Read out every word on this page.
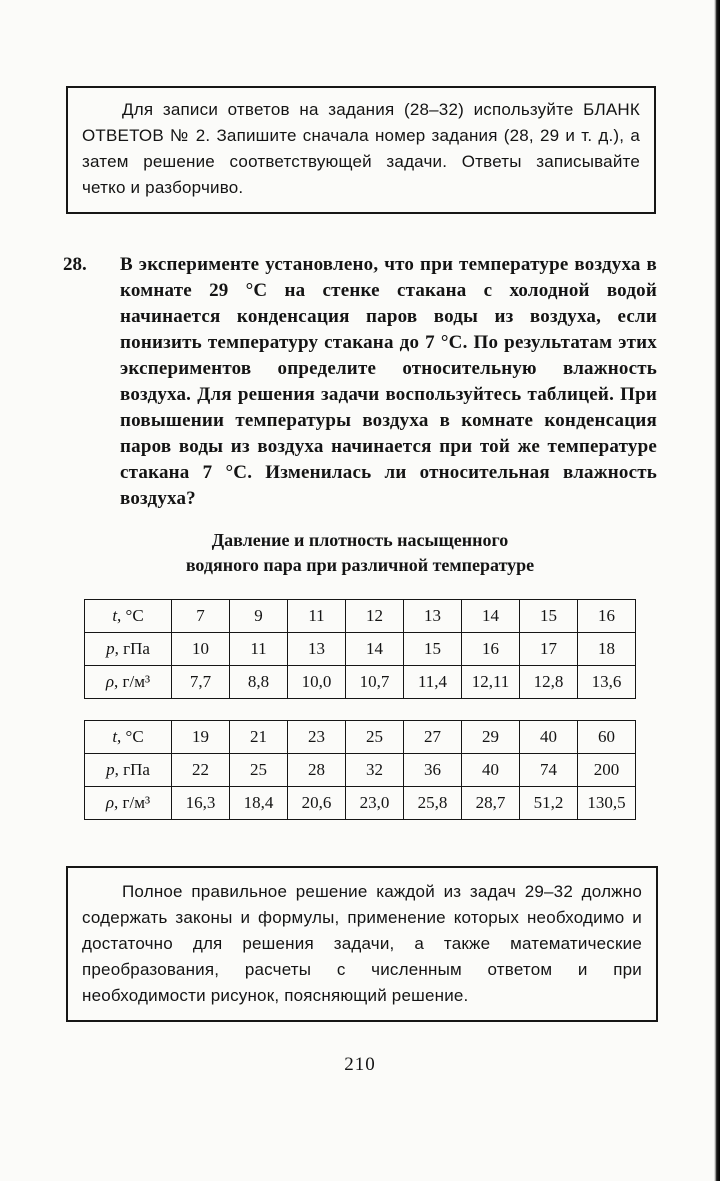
Для записи ответов на задания (28–32) используйте БЛАНК ОТВЕТОВ № 2. Запишите сначала номер задания (28, 29 и т. д.), а затем решение соответствующей задачи. Ответы записывайте четко и разборчиво.

28.	В эксперименте установлено, что при температуре воздуха в комнате 29 °С на стенке стакана с холодной водой начинается конденсация паров воды из воздуха, если понизить температуру стакана до 7 °С. По результатам этих экспериментов определите относительную влажность воздуха. Для решения задачи воспользуйтесь таблицей. При повышении температуры воздуха в комнате конденсация паров воды из воздуха начинается при той же температуре стакана 7 °С. Изменилась ли относительная влажность воздуха?

Давление и плотность насыщенного
водяного пара при различной температуре
t, °С	7	9	11	12	13	14	15	16
p, гПа	10	11	13	14	15	16	17	18
ρ, г/м³	7,7	8,8	10,0	10,7	11,4	12,11	12,8	13,6
t, °С	19	21	23	25	27	29	40	60
p, гПа	22	25	28	32	36	40	74	200
ρ, г/м³	16,3	18,4	20,6	23,0	25,8	28,7	51,2	130,5

Полное правильное решение каждой из задач 29–32 должно содержать законы и формулы, применение которых необходимо и достаточно для решения задачи, а также математические преобразования, расчеты с численным ответом и при необходимости рисунок, поясняющий решение.

210
